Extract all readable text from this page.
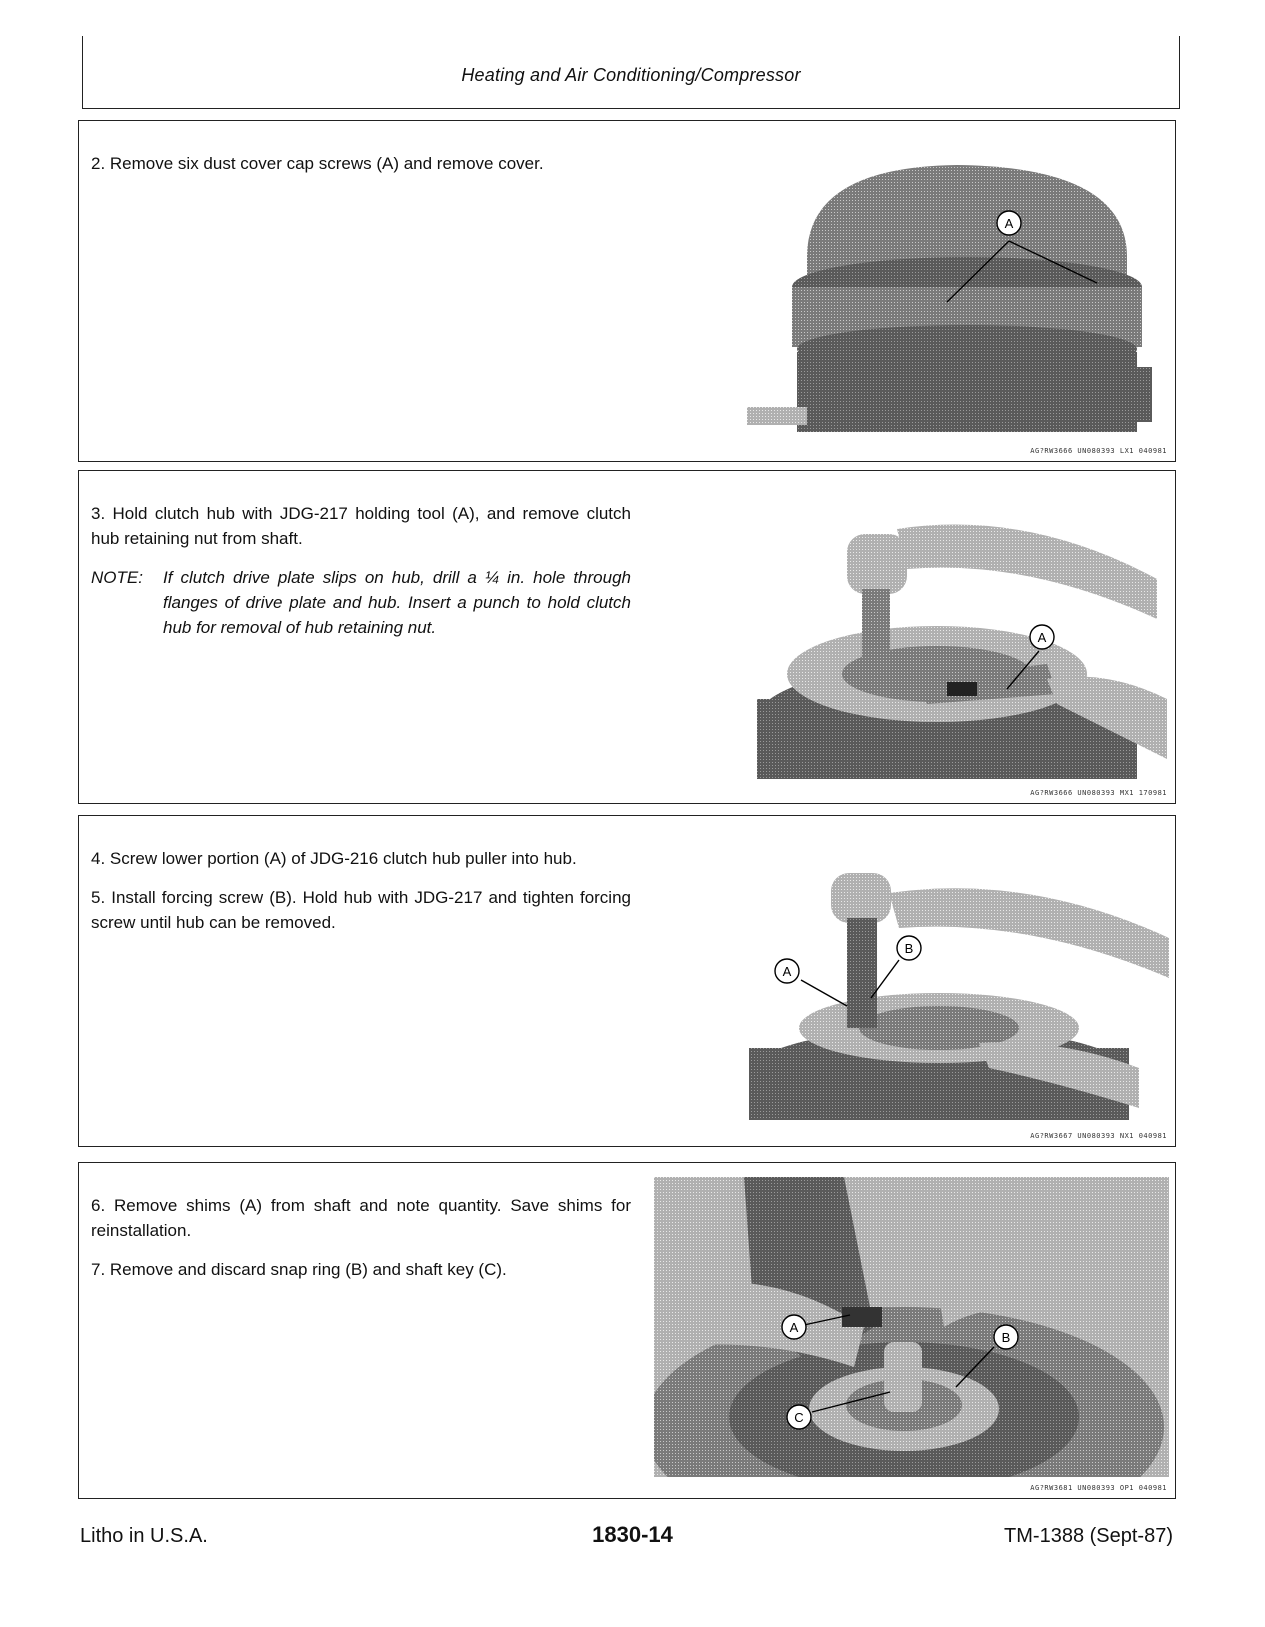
Heating and Air Conditioning/Compressor

2. Remove six dust cover cap screws (A) and remove cover.

A
AG?RW3666 UN080393 LX1 040981

3. Hold clutch hub with JDG-217 holding tool (A), and remove clutch hub retaining nut from shaft.

NOTE:	If clutch drive plate slips on hub, drill a ¼ in. hole through flanges of drive plate and hub. Insert a punch to hold clutch hub for removal of hub retaining nut.
A
AG?RW3666 UN080393 MX1 170981

4. Screw lower portion (A) of JDG-216 clutch hub puller into hub.

5. Install forcing screw (B). Hold hub with JDG-217 and tighten forcing screw until hub can be removed.

B
A
AG?RW3667 UN080393 NX1 040981

6. Remove shims (A) from shaft and note quantity. Save shims for reinstallation.

7. Remove and discard snap ring (B) and shaft key (C).

A
B
C
AG?RW3681 UN080393 OP1 040981
Litho in U.S.A.	1830-14	TM-1388 (Sept-87)
